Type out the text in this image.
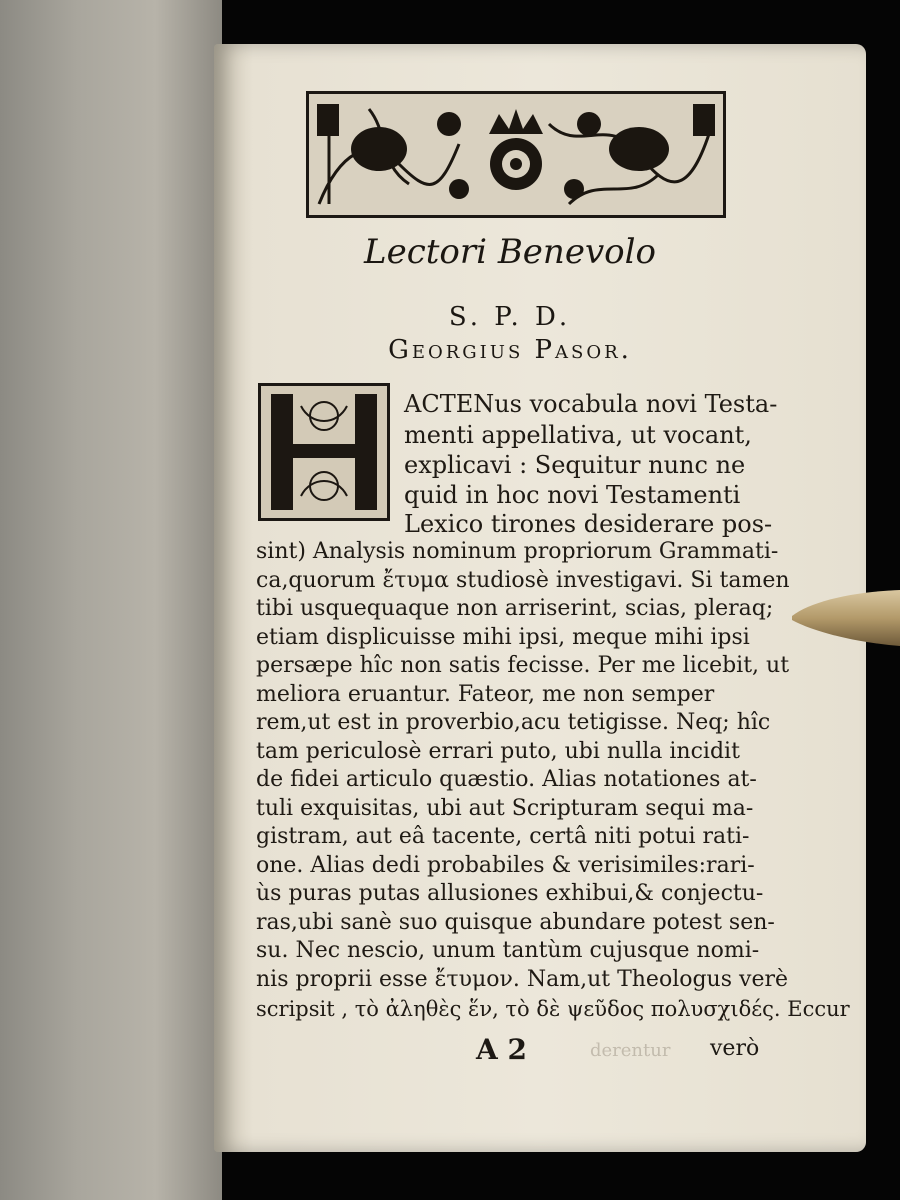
Lectori Benevolo
S. P. D.
Georgius Pasor.
ACTENus vocabula novi Testa-
menti appellativa, ut vocant,
explicavi : Sequitur nunc ne
quid in hoc novi Testamenti
Lexico tirones desiderare pos-
sint) Analysis nominum propriorum Grammati-
ca,quorum ἔτυμα studiosè investigavi. Si tamen
tibi usquequaque non arriserint, scias, pleraq;
etiam displicuisse mihi ipsi, meque mihi ipsi
persæpe hîc non satis fecisse. Per me licebit, ut
meliora eruantur. Fateor, me non semper
rem,ut est in proverbio,acu tetigisse. Neq; hîc
tam periculosè errari puto, ubi nulla incidit
de fidei articulo quæstio. Alias notationes at-
tuli exquisitas, ubi aut Scripturam sequi ma-
gistram, aut eâ tacente, certâ niti potui rati-
one. Alias dedi probabiles & verisimiles:rari-
ùs puras putas allusiones exhibui,& conjectu-
ras,ubi sanè suo quisque abundare potest sen-
su. Nec nescio, unum tantùm cujusque nomi-
nis proprii esse ἔτυμον. Nam,ut Theologus verè
scripsit , τὸ ἀληθὲς ἕν, τὸ δὲ ψεῦδος πολυσχιδές. Eccur
derentur
A 2	verò
